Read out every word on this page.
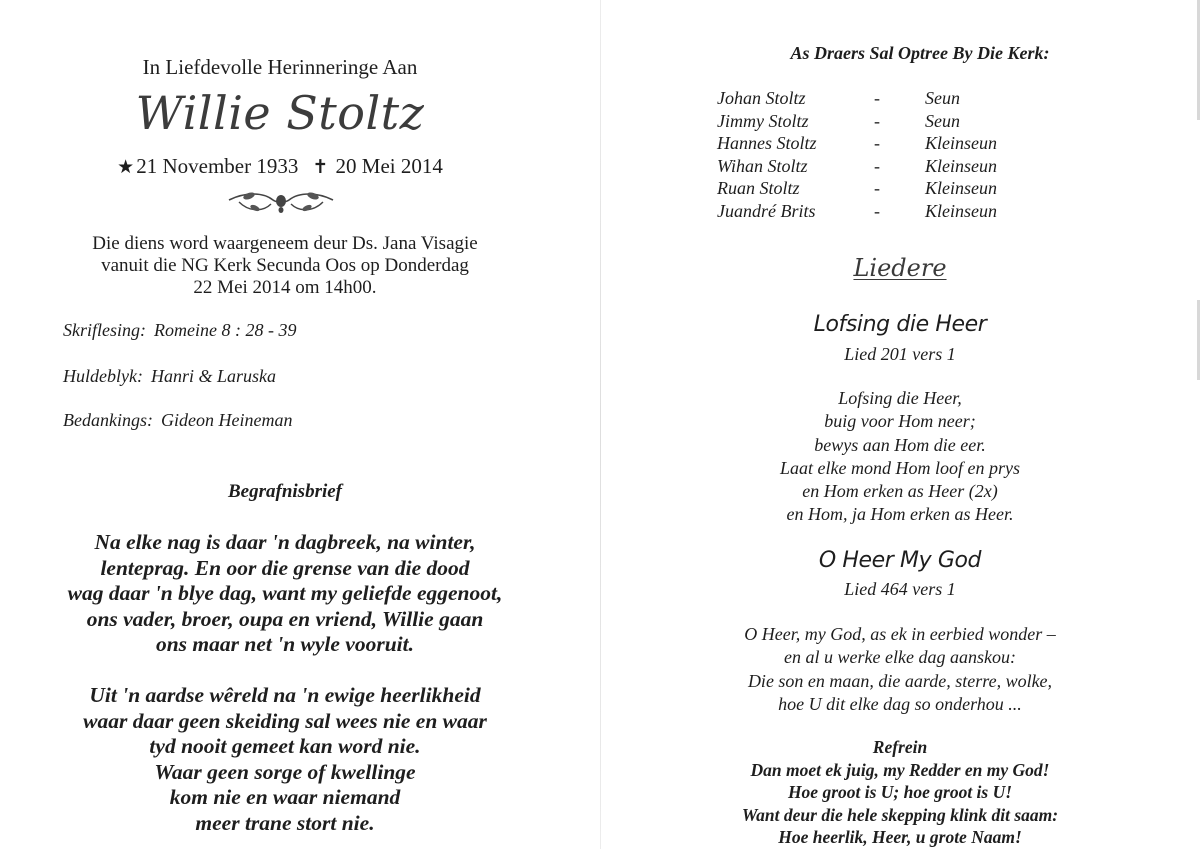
In Liefdevolle Herinneringe Aan
Willie Stoltz
★21 November 1933 ✝ 20 Mei 2014
Die diens word waargeneem deur Ds. Jana Visagie
vanuit die NG Kerk Secunda Oos op Donderdag
22 Mei 2014 om 14h00.
Skriflesing: Romeine 8 : 28 - 39
Huldeblyk: Hanri & Laruska
Bedankings: Gideon Heineman
Begrafnisbrief
Na elke nag is daar 'n dagbreek, na winter,
lenteprag. En oor die grense van die dood
wag daar 'n blye dag, want my geliefde eggenoot,
ons vader, broer, oupa en vriend, Willie gaan
ons maar net 'n wyle vooruit.
Uit 'n aardse wêreld na 'n ewige heerlikheid
waar daar geen skeiding sal wees nie en waar
tyd nooit gemeet kan word nie.
Waar geen sorge of kwellinge
kom nie en waar niemand
meer trane stort nie.
As Draers Sal Optree By Die Kerk:
Johan Stoltz	-	Seun
Jimmy Stoltz	-	Seun
Hannes Stoltz	-	Kleinseun
Wihan Stoltz	-	Kleinseun
Ruan Stoltz	-	Kleinseun
Juandré Brits	-	Kleinseun
Liedere
Lofsing die Heer
Lied 201 vers 1
Lofsing die Heer,
buig voor Hom neer;
bewys aan Hom die eer.
Laat elke mond Hom loof en prys
en Hom erken as Heer (2x)
en Hom, ja Hom erken as Heer.
O Heer My God
Lied 464 vers 1
O Heer, my God, as ek in eerbied wonder –
en al u werke elke dag aanskou:
Die son en maan, die aarde, sterre, wolke,
hoe U dit elke dag so onderhou ...
Refrein
Dan moet ek juig, my Redder en my God!
Hoe groot is U; hoe groot is U!
Want deur die hele skepping klink dit saam:
Hoe heerlik, Heer, u grote Naam!
